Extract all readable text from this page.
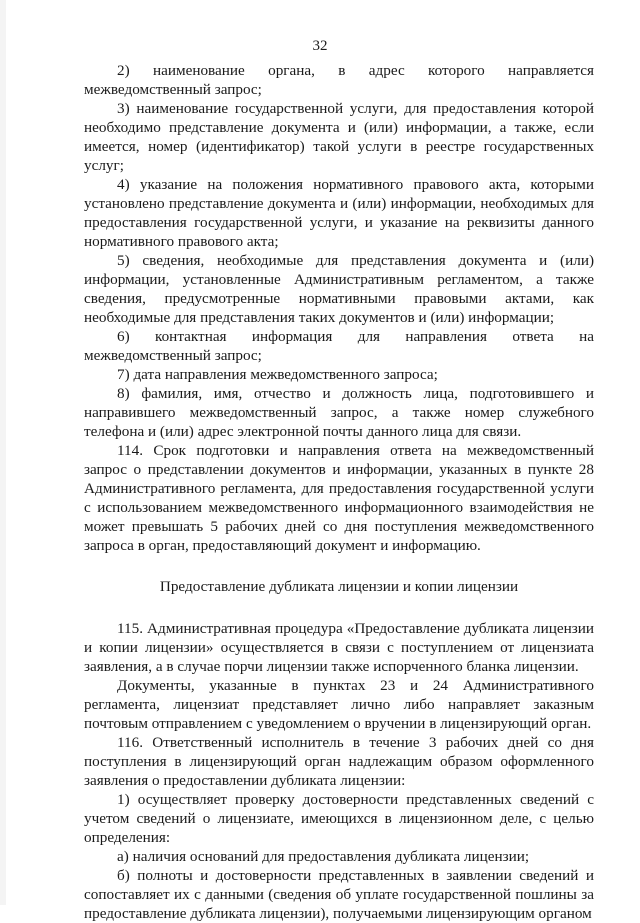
32

2) наименование органа, в адрес которого направляется межведомственный запрос;

3) наименование государственной услуги, для предоставления которой необходимо представление документа и (или) информации, а также, если имеется, номер (идентификатор) такой услуги в реестре государственных услуг;

4) указание на положения нормативного правового акта, которыми установлено представление документа и (или) информации, необходимых для предоставления государственной услуги, и указание на реквизиты данного нормативного правового акта;

5) сведения, необходимые для представления документа и (или) информации, установленные Административным регламентом, а также сведения, предусмотренные нормативными правовыми актами, как необходимые для представления таких документов и (или) информации;

6) контактная информация для направления ответа на межведомственный запрос;

7) дата направления межведомственного запроса;

8) фамилия, имя, отчество и должность лица, подготовившего и направившего межведомственный запрос, а также номер служебного телефона и (или) адрес электронной почты данного лица для связи.

114. Срок подготовки и направления ответа на межведомственный запрос о представлении документов и информации, указанных в пункте 28 Административного регламента, для предоставления государственной услуги с использованием межведомственного информационного взаимодействия не может превышать 5 рабочих дней со дня поступления межведомственного запроса в орган, предоставляющий документ и информацию.

Предоставление дубликата лицензии и копии лицензии

115. Административная процедура «Предоставление дубликата лицензии и копии лицензии» осуществляется в связи с поступлением от лицензиата заявления, а в случае порчи лицензии также испорченного бланка лицензии.

Документы, указанные в пунктах 23 и 24 Административного регламента, лицензиат представляет лично либо направляет заказным почтовым отправлением с уведомлением о вручении в лицензирующий орган.

116. Ответственный исполнитель в течение 3 рабочих дней со дня поступления в лицензирующий орган надлежащим образом оформленного заявления о предоставлении дубликата лицензии:

1) осуществляет проверку достоверности представленных сведений с учетом сведений о лицензиате, имеющихся в лицензионном деле, с целью определения:

а) наличия оснований для предоставления дубликата лицензии;

б) полноты и достоверности представленных в заявлении сведений и сопоставляет их с данными (сведения об уплате государственной пошлины за предоставление дубликата лицензии), получаемыми лицензирующим органом
